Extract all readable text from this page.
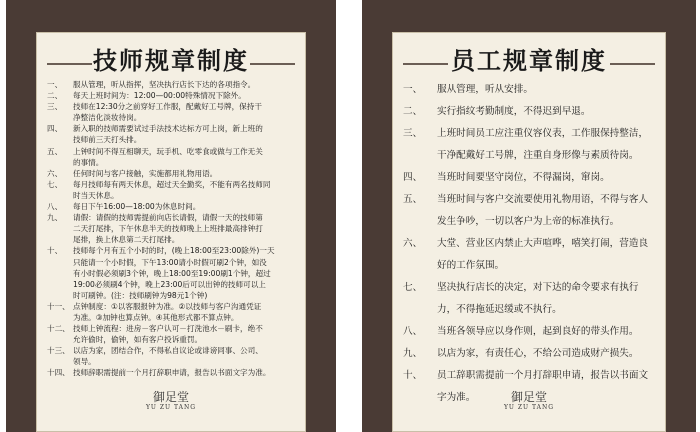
技师规章制度
一、	服从管理，听从指挥，坚决执行店长下达的各项指令。
二、	每天上班时间为：12:00—00:00特殊情况下除外。
三、	技师在12:30分之前穿好工作服，配戴好工号牌，保持干
净整洁化淡妆待岗。
四、	新入职的技师需要试过手法技术达标方可上岗，新上班的
技师前三天打头排。
五、	上钟时间不得互相聊天，玩手机、吃零食或做与工作无关
的事情。
六、	任何时间与客户接触，实施都用礼物用语。
七、	每月技师每有两天休息，超过天全勤奖，不能有两名技师同
时当天休息。
八、	每日下午16:00—18:00为休息时间。
九、	请假：请假的技师需提前向店长请假，请假一天的技师第
二天打尾排，下午休息半天的技师晚上上班排最高排钟打
尾排，换上休息第二天打尾排。
十、	技师每个月有五个小时的时，(晚上18:00至23:00除外)一天
只能请一个小时假，下午13:00请小时假可刷2个钟，如没
有小时假必须刷3个钟，晚上18:00至19:00刷1个钟，超过
19:00必须刷4个钟，晚上23:00后可以出钟的技师可以上
时可刷钟。(注：技师刷钟为98元1个钟)
十一、 点钟制度：①以客服报钟为准。②以技师与客户沟通凭证
为准。③加钟也算点钟。④其他形式都不算点钟。
十二、 技师上钟流程：进房－客户认可－打洗池水－刷卡，绝不
允许偷时，偷钟，如有客户投诉重罚。
十三、 以店为家，团结合作，不得私自议论或诽谤同事、公司、
领导。
十四、 技师辞职需提前一个月打辞职申请，报告以书面文字为准。
御足堂
YU ZU TANG
员工规章制度
一、	服从管理，听从安排。
二、	实行指纹考勤制度，不得迟到早退。
三、	上班时间员工应注重仪容仪表，工作服保持整洁，
干净配戴好工号牌，注重自身形像与素质待岗。
四、	当班时间要坚守岗位，不得漏岗，窜岗。
五、	当班时间与客户交流要使用礼物用语，不得与客人
发生争吵，一切以客户为上帝的标准执行。
六、	大堂、营业区内禁止大声喧哗，嘻笑打闹，营造良
好的工作氛围。
七、	坚决执行店长的决定，对下达的命令要求有执行
力，不得拖延迟缓或不执行。
八、	当班各领导应以身作则，起到良好的带头作用。
九、	以店为家，有责任心，不给公司造成财产损失。
十、	员工辞职需提前一个月打辞职申请，报告以书面文
字为准。	御足堂
YU ZU TANG
